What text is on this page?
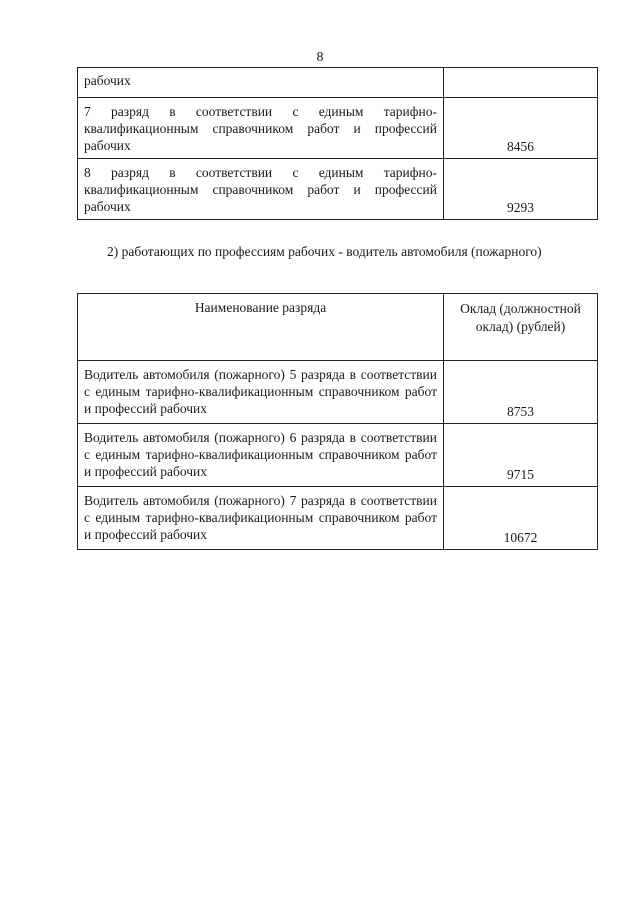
8
рабочих	

7 разряд в соответствии с единым тарифно-квалификационным справочником работ и профессий рабочих	8456

8 разряд в соответствии с единым тарифно-квалификационным справочником работ и профессий рабочих	9293
2) работающих по профессиям рабочих - водитель автомобиля (пожарного)
Наименование разряда	Оклад (должностной оклад) (рублей)

Водитель автомобиля (пожарного) 5 разряда в соответствии с единым тарифно-квалификационным справочником работ и профессий рабочих	8753

Водитель автомобиля (пожарного) 6 разряда в соответствии с единым тарифно-квалификационным справочником работ и профессий рабочих	9715

Водитель автомобиля (пожарного) 7 разряда в соответствии с единым тарифно-квалификационным справочником работ и профессий рабочих	10672
